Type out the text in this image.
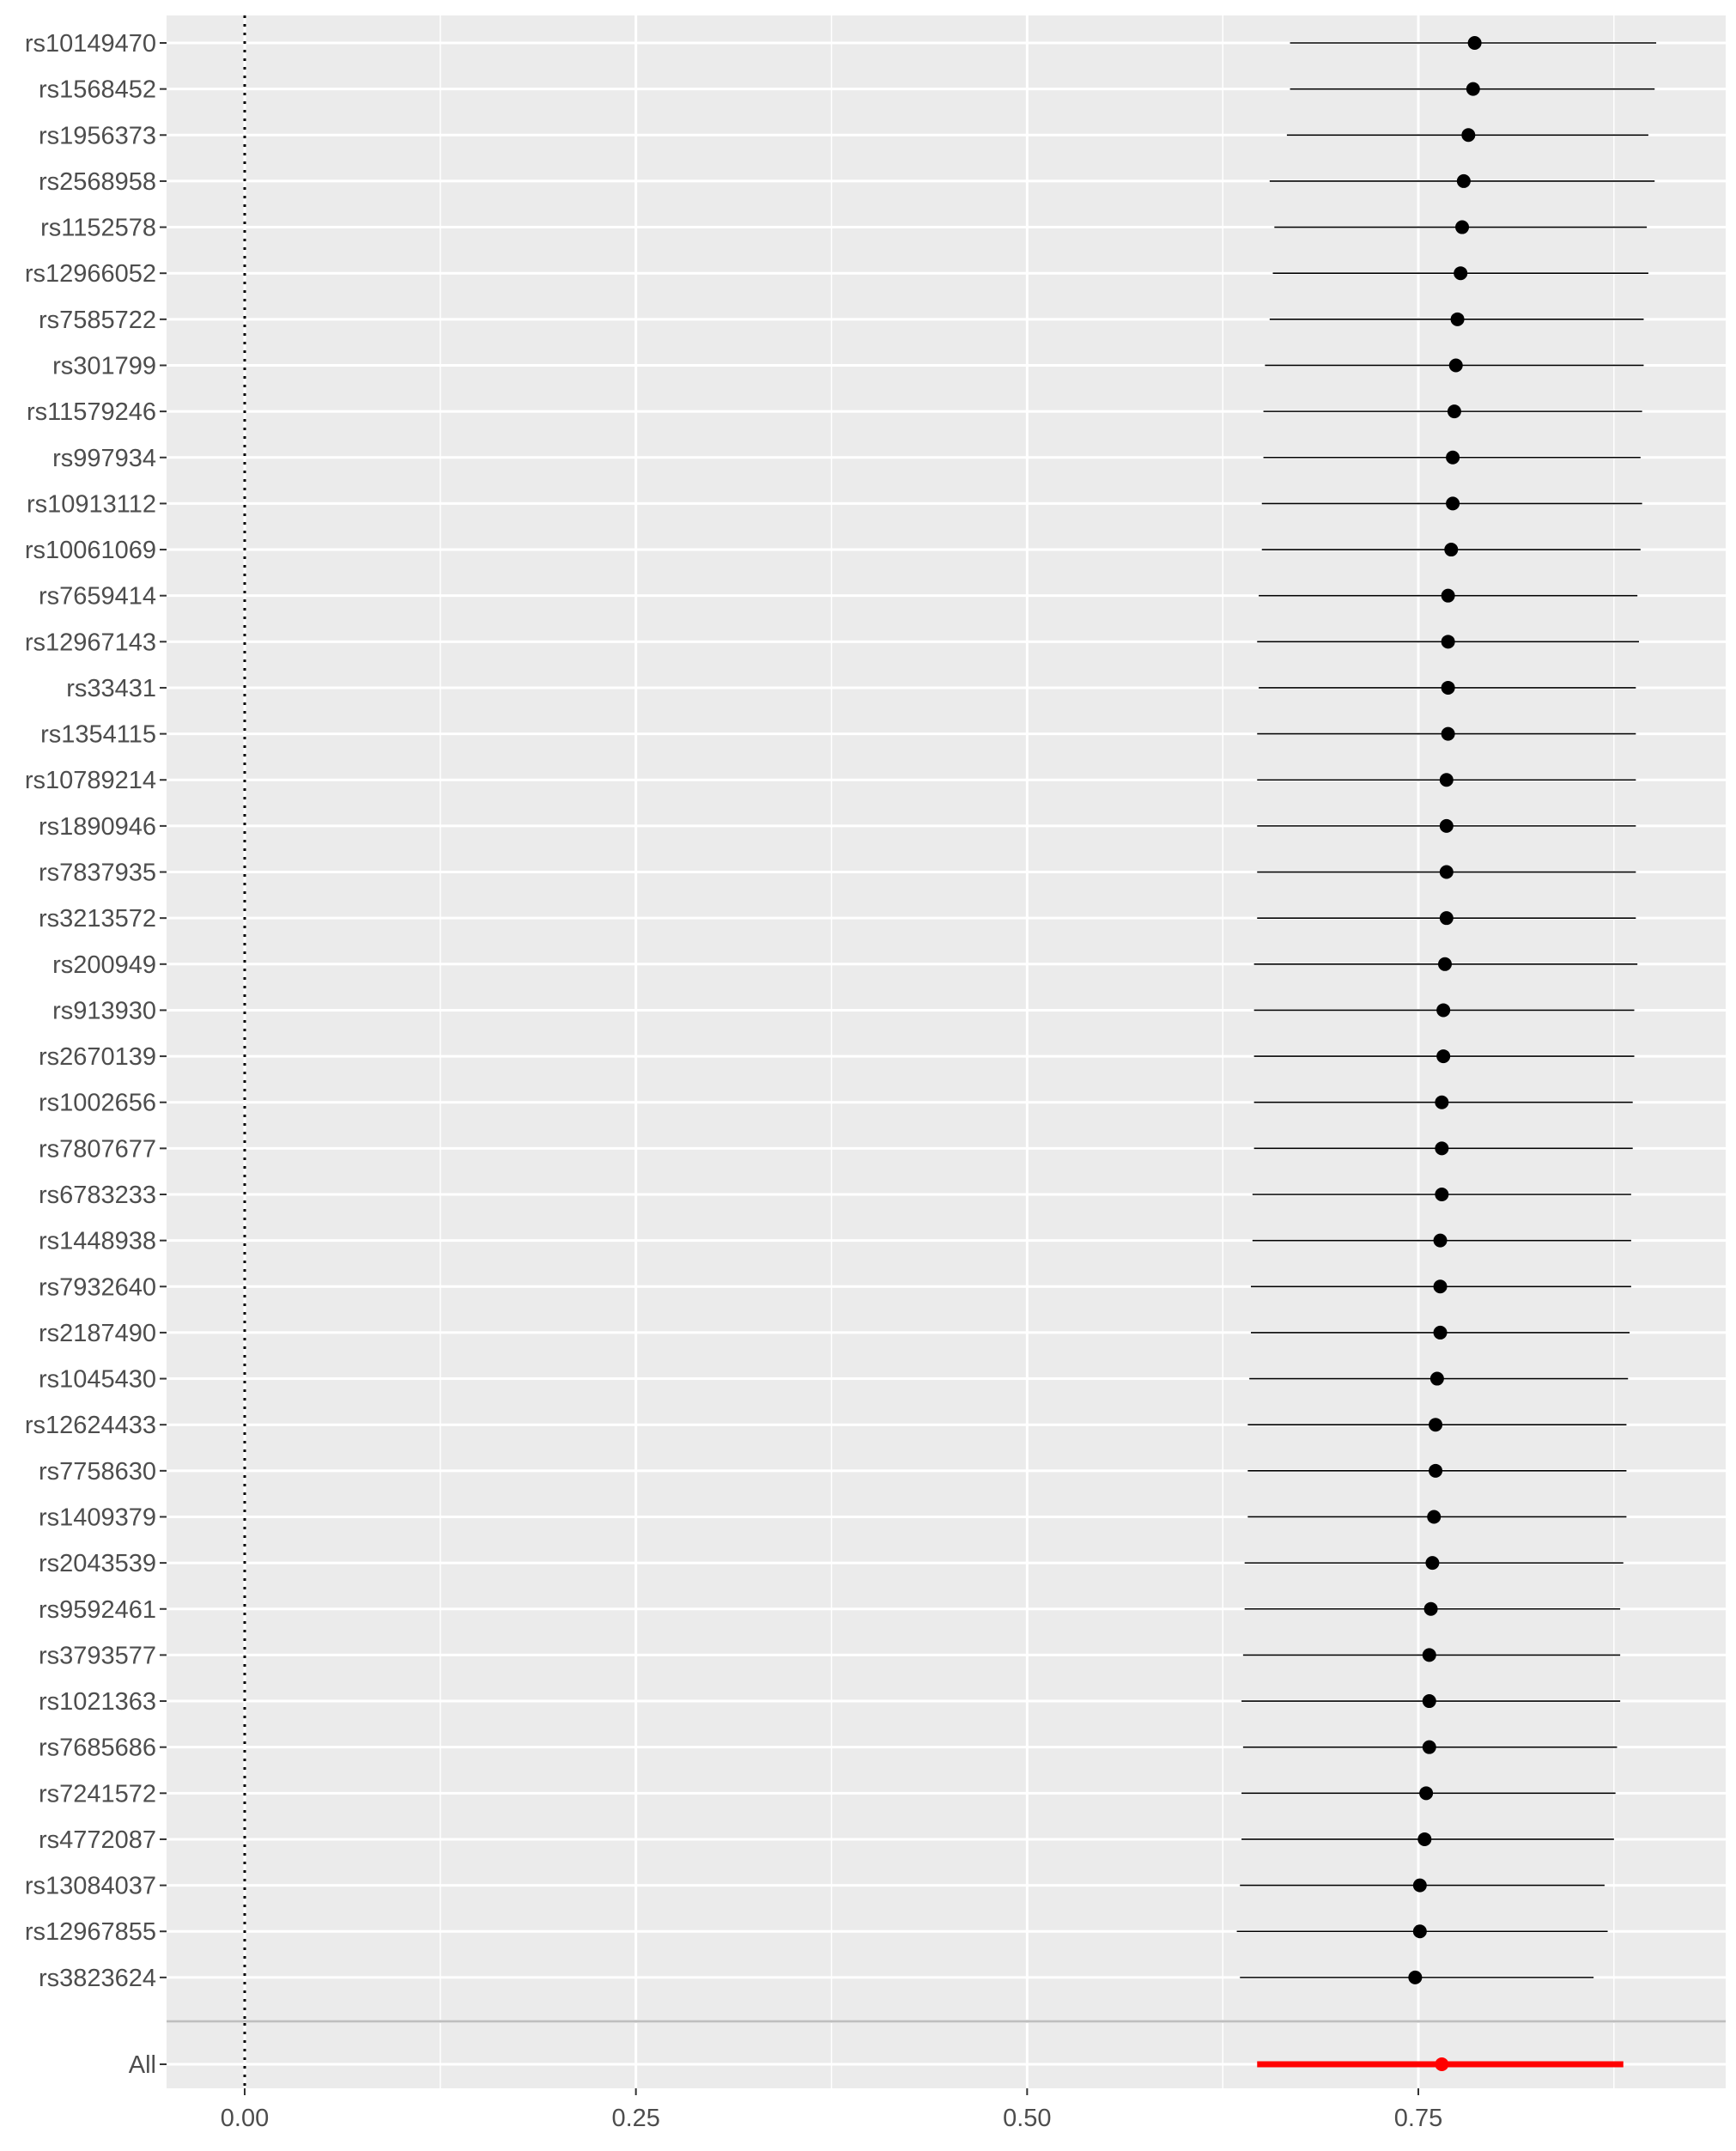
rs10149470
rs1568452
rs1956373
rs2568958
rs1152578
rs12966052
rs7585722
rs301799
rs11579246
rs997934
rs10913112
rs10061069
rs7659414
rs12967143
rs33431
rs1354115
rs10789214
rs1890946
rs7837935
rs3213572
rs200949
rs913930
rs2670139
rs1002656
rs7807677
rs6783233
rs1448938
rs7932640
rs2187490
rs1045430
rs12624433
rs7758630
rs1409379
rs2043539
rs9592461
rs3793577
rs1021363
rs7685686
rs7241572
rs4772087
rs13084037
rs12967855
rs3823624
All
0.00	0.25	0.50	0.75
